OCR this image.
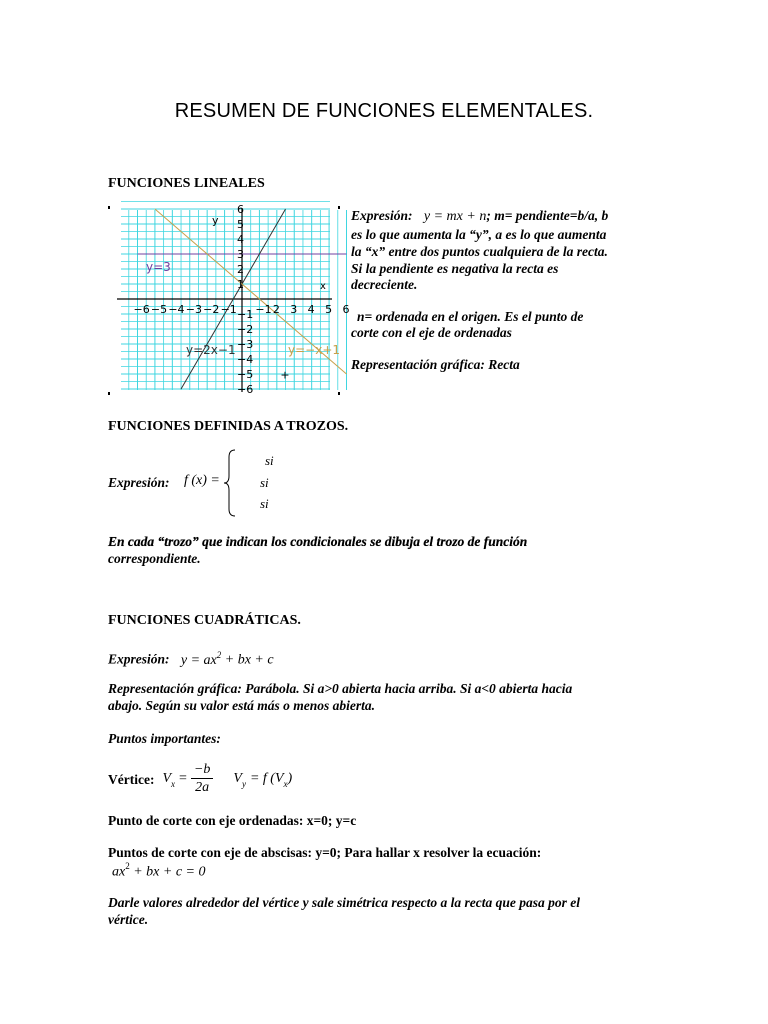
RESUMEN DE FUNCIONES ELEMENTALES.
FUNCIONES LINEALES
y=3
y=2x−1	y=−x+1
−6 −5 −4 −3 −2 −1 −1 2 3 4 5 6
6
5
4
3
2
1
−1
−2
−3
−4
−5
−6
x
y
+
Expresión: y = mx + n; m= pendiente=b/a, b
es lo que aumenta la “y”, a es lo que aumenta
la “x” entre dos puntos cualquiera de la recta.
Si la pendiente es negativa la recta es
decreciente.
n= ordenada en el origen. Es el punto de
corte con el eje de ordenadas
Representación gráfica: Recta
FUNCIONES DEFINIDAS A TROZOS.
Expresión: f (x) =
si
si
si
En cada “trozo” que indican los condicionales se dibuja el trozo de función
correspondiente.
FUNCIONES CUADRÁTICAS.
Expresión: $y = ax^2$ + bx + c
Representación gráfica: Parábola. Si a>0 abierta hacia arriba. Si a<0 abierta hacia
abajo. Según su valor está más o menos abierta.
Puntos importantes:
Vértice: $V_x = \frac{-b}{2a} V_y = f$ ($V_x$ )
Punto de corte con eje ordenadas: x=0; y=c
Puntos de corte con eje de abscisas: y=0; Para hallar x resolver la ecuación:
$ax^2$ + bx + c = 0
Darle valores alrededor del vértice y sale simétrica respecto a la recta que pasa por el
vértice.
